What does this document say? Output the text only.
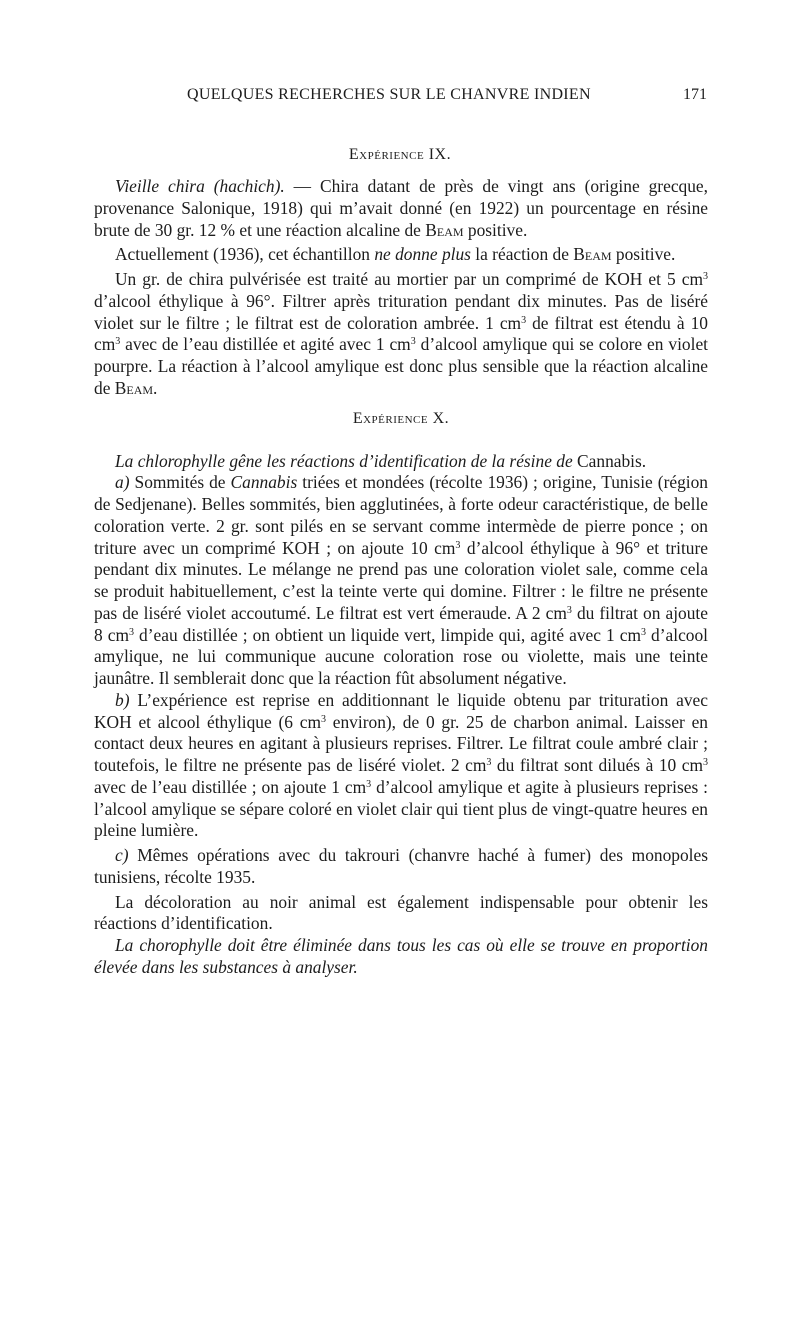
QUELQUES RECHERCHES SUR LE CHANVRE INDIEN	171
Expérience IX.

Vieille chira (hachich). — Chira datant de près de vingt ans (origine grecque, provenance Salonique, 1918) qui m’avait donné (en 1922) un pourcentage en résine brute de 30 gr. 12 % et une réaction alcaline de Beam positive.

Actuellement (1936), cet échantillon ne donne plus la réaction de Beam positive.

Un gr. de chira pulvérisée est traité au mortier par un comprimé de KOH et 5 $cm^3$ d’alcool éthylique à 96°. Filtrer après trituration pendant dix minutes. Pas de liséré violet sur le filtre ; le filtrat est de coloration ambrée. 1 $cm^3$ de filtrat est étendu à 10 $cm^3$ avec de l’eau distillée et agité avec 1 $cm^3$ d’alcool amylique qui se colore en violet pourpre. La réaction à l’alcool amylique est donc plus sensible que la réaction alcaline de Beam.

Expérience X.

La chlorophylle gêne les réactions d’identification de la résine de Cannabis.

a) Sommités de Cannabis triées et mondées (récolte 1936) ; origine, Tunisie (région de Sedjenane). Belles sommités, bien agglutinées, à forte odeur caractéristique, de belle coloration verte. 2 gr. sont pilés en se servant comme intermède de pierre ponce ; on triture avec un comprimé KOH ; on ajoute 10 $cm^3$ d’alcool éthylique à 96° et triture pendant dix minutes. Le mélange ne prend pas une coloration violet sale, comme cela se produit habituellement, c’est la teinte verte qui domine. Filtrer : le filtre ne présente pas de liséré violet accoutumé. Le filtrat est vert émeraude. A 2 $cm^3$ du filtrat on ajoute 8 $cm^3$ d’eau distillée ; on obtient un liquide vert, limpide qui, agité avec 1 $cm^3$ d’alcool amylique, ne lui communique aucune coloration rose ou violette, mais une teinte jaunâtre. Il semblerait donc que la réaction fût absolument négative.

b) L’expérience est reprise en additionnant le liquide obtenu par trituration avec KOH et alcool éthylique (6 $cm^3$ environ), de 0 gr. 25 de charbon animal. Laisser en contact deux heures en agitant à plusieurs reprises. Filtrer. Le filtrat coule ambré clair ; toutefois, le filtre ne présente pas de liséré violet. 2 $cm^3$ du filtrat sont dilués à 10 $cm^3$ avec de l’eau distillée ; on ajoute 1 $cm^3$ d’alcool amylique et agite à plusieurs reprises : l’alcool amylique se sépare coloré en violet clair qui tient plus de vingt-quatre heures en pleine lumière.

c) Mêmes opérations avec du takrouri (chanvre haché à fumer) des monopoles tunisiens, récolte 1935.

La décoloration au noir animal est également indispensable pour obtenir les réactions d’identification.

La chorophylle doit être éliminée dans tous les cas où elle se trouve en proportion élevée dans les substances à analyser.
